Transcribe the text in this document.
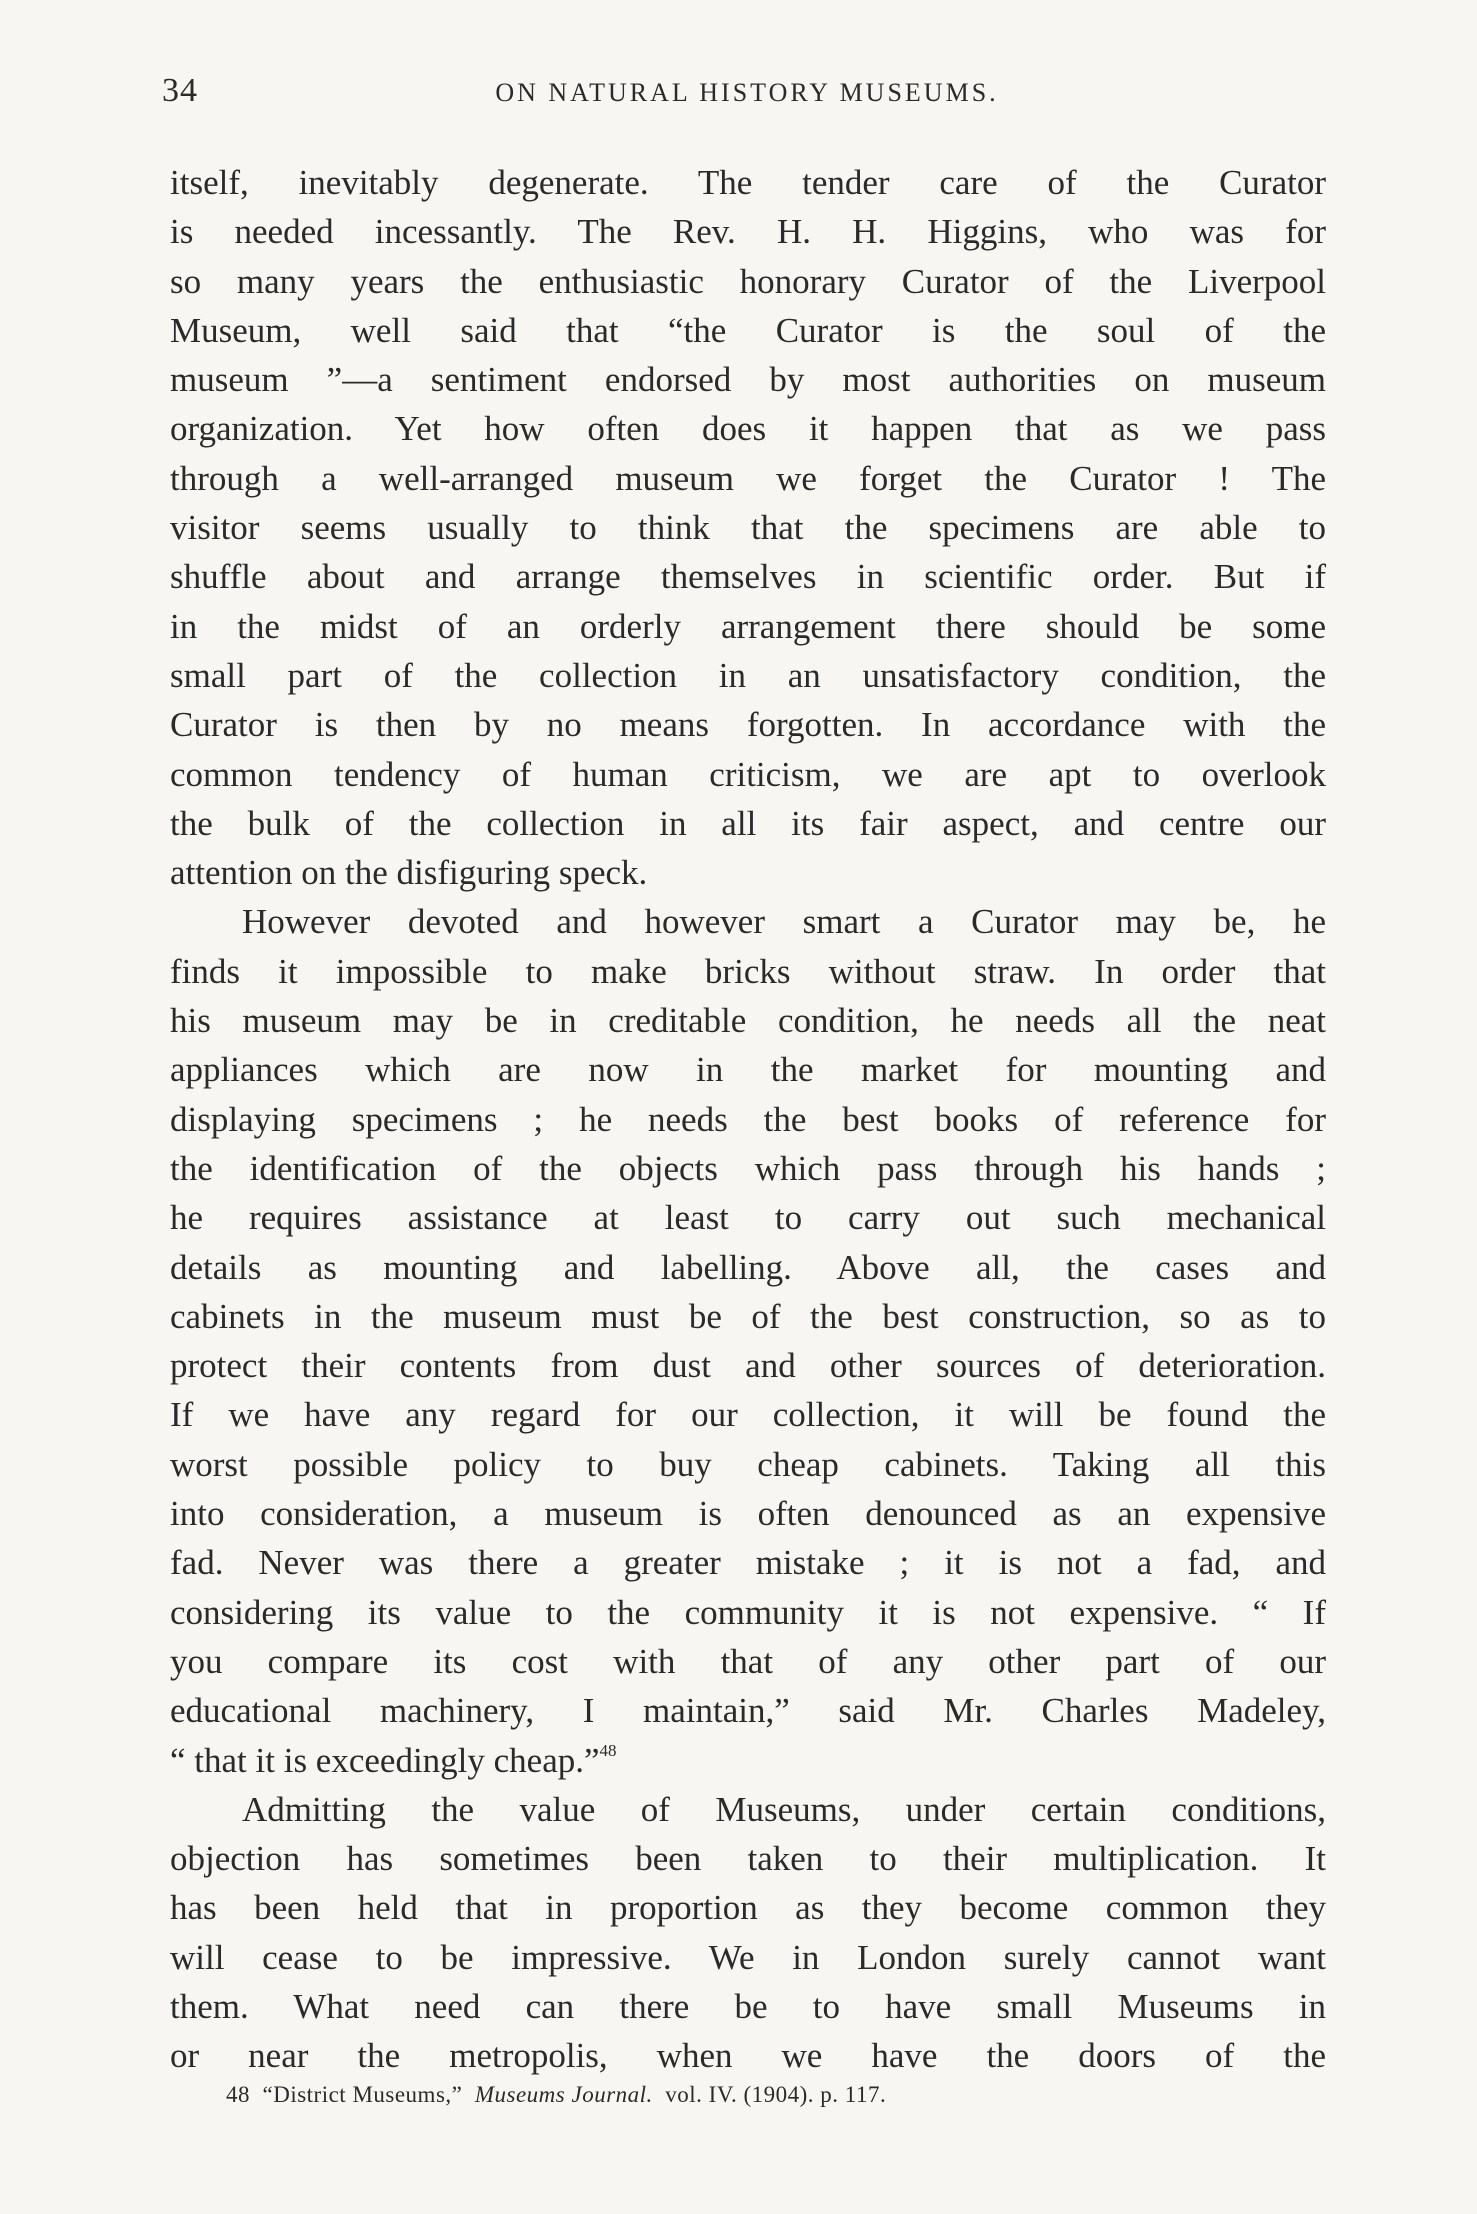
34	ON NATURAL HISTORY MUSEUMS.
itself, inevitably degenerate. The tender care of the Curator
is needed incessantly. The Rev. H. H. Higgins, who was for
so many years the enthusiastic honorary Curator of the Liverpool
Museum, well said that “the Curator is the soul of the
museum ”—a sentiment endorsed by most authorities on museum
organization. Yet how often does it happen that as we pass
through a well-arranged museum we forget the Curator ! The
visitor seems usually to think that the specimens are able to
shuffle about and arrange themselves in scientific order. But if
in the midst of an orderly arrangement there should be some
small part of the collection in an unsatisfactory condition, the
Curator is then by no means forgotten. In accordance with the
common tendency of human criticism, we are apt to overlook
the bulk of the collection in all its fair aspect, and centre our
attention on the disfiguring speck.
However devoted and however smart a Curator may be, he
finds it impossible to make bricks without straw. In order that
his museum may be in creditable condition, he needs all the neat
appliances which are now in the market for mounting and
displaying specimens ; he needs the best books of reference for
the identification of the objects which pass through his hands ;
he requires assistance at least to carry out such mechanical
details as mounting and labelling. Above all, the cases and
cabinets in the museum must be of the best construction, so as to
protect their contents from dust and other sources of deterioration.
If we have any regard for our collection, it will be found the
worst possible policy to buy cheap cabinets. Taking all this
into consideration, a museum is often denounced as an expensive
fad. Never was there a greater mistake ; it is not a fad, and
considering its value to the community it is not expensive. “ If
you compare its cost with that of any other part of our
educational machinery, I maintain,” said Mr. Charles Madeley,
“ that it is exceedingly cheap.”$^{48}$
Admitting the value of Museums, under certain conditions,
objection has sometimes been taken to their multiplication. It
has been held that in proportion as they become common they
will cease to be impressive. We in London surely cannot want
them. What need can there be to have small Museums in
or near the metropolis, when we have the doors of the
48 “District Museums,” Museums Journal. vol. IV. (1904). p. 117.
